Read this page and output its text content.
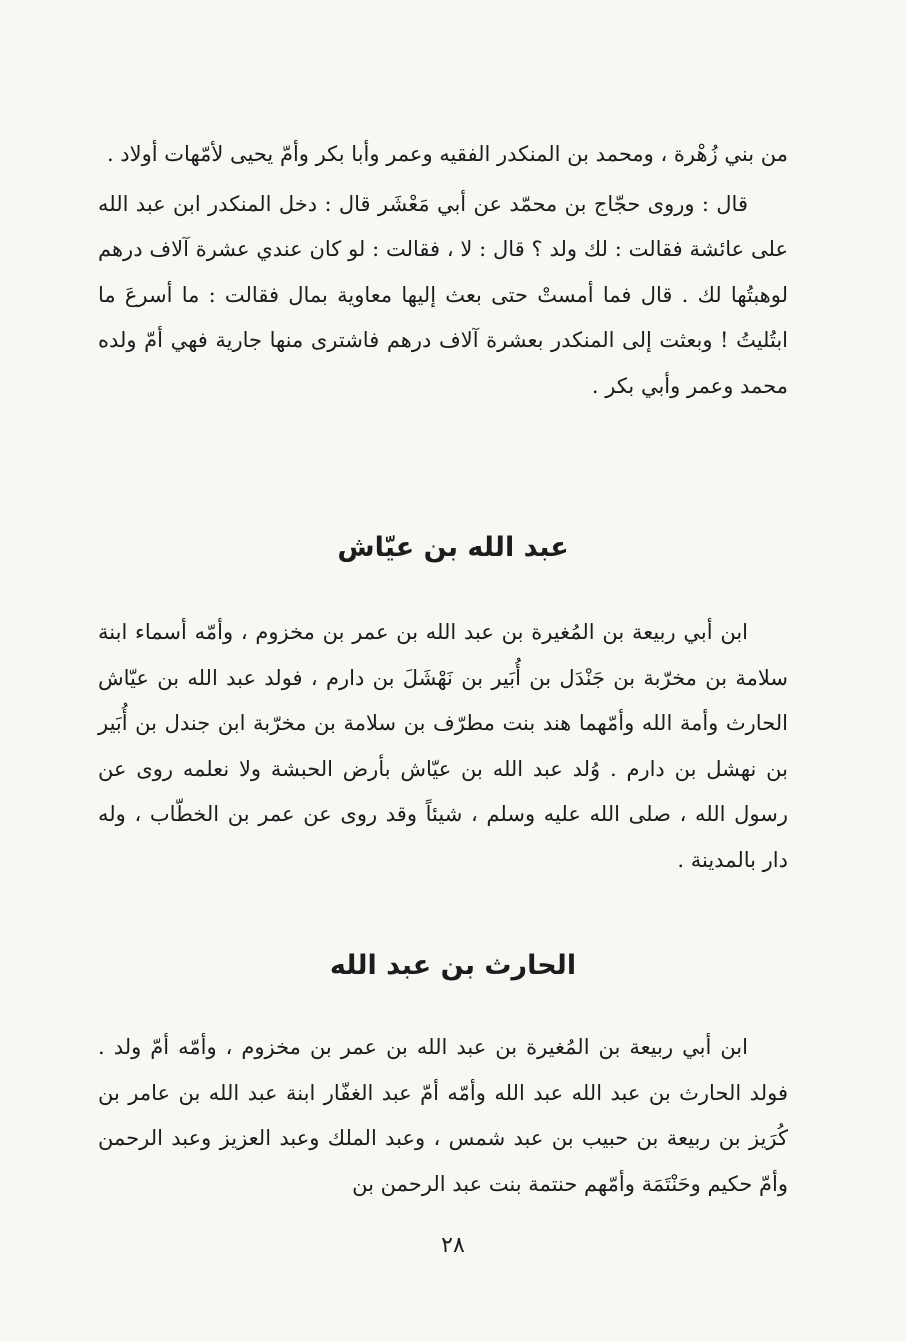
من بني زُهْرة ، ومحمد بن المنكدر الفقيه وعمر وأبا بكر وأمّ يحيى لأمّهات أولاد .

قال : وروى حجّاج بن محمّد عن أبي مَعْشَر قال : دخل المنكدر ابن عبد الله على عائشة فقالت : لك ولد ؟ قال : لا ، فقالت : لو كان عندي عشرة آلاف درهم لوهبتُها لك . قال فما أمستْ حتى بعث إليها معاوية بمال فقالت : ما أسرعَ ما ابتُليتُ ! وبعثت إلى المنكدر بعشرة آلاف درهم فاشترى منها جارية فهي أمّ ولده محمد وعمر وأبي بكر .

عبد الله بن عيّاش

ابن أبي ربيعة بن المُغيرة بن عبد الله بن عمر بن مخزوم ، وأمّه أسماء ابنة سلامة بن مخرّبة بن جَنْدَل بن أُبَير بن نَهْشَلَ بن دارم ، فولد عبد الله بن عيّاش الحارث وأمة الله وأمّهما هند بنت مطرّف بن سلامة بن مخرّبة ابن جندل بن أُبَير بن نهشل بن دارم . وُلد عبد الله بن عيّاش بأرض الحبشة ولا نعلمه روى عن رسول الله ، صلى الله عليه وسلم ، شيئاً وقد روى عن عمر بن الخطّاب ، وله دار بالمدينة .

الحارث بن عبد الله

ابن أبي ربيعة بن المُغيرة بن عبد الله بن عمر بن مخزوم ، وأمّه أمّ ولد . فولد الحارث بن عبد الله عبد الله وأمّه أمّ عبد الغفّار ابنة عبد الله بن عامر بن كُرَيز بن ربيعة بن حبيب بن عبد شمس ، وعبد الملك وعبد العزيز وعبد الرحمن وأمّ حكيم وحَنْتَمَة وأمّهم حنتمة بنت عبد الرحمن بن

٢٨
